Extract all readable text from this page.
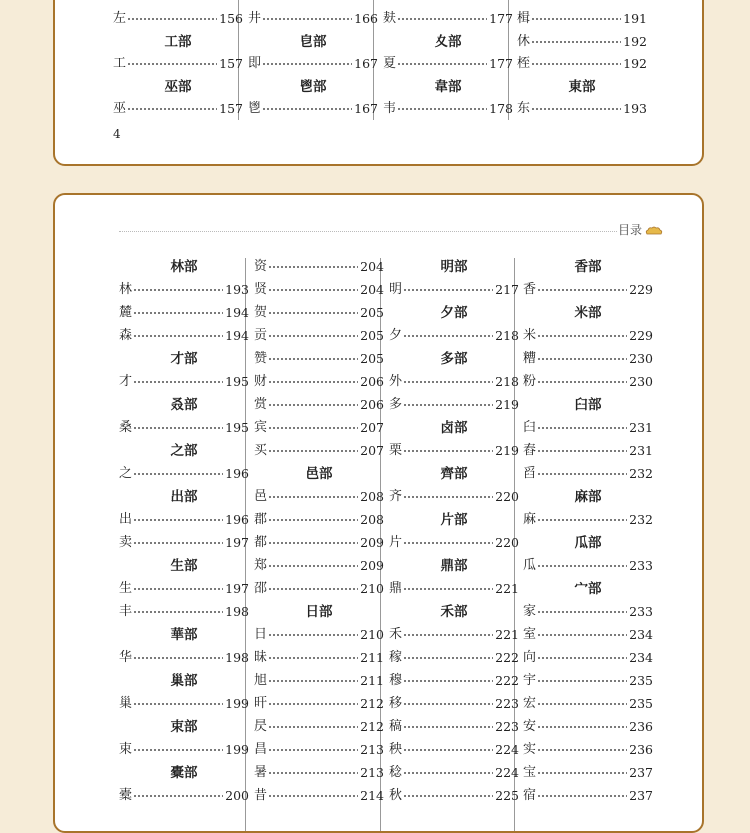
左	156
工部
工	157
巫部
巫	157
井	166
皀部
即	167
鬯部
鬯	167
麸	177
夊部
夏	177
韋部
韦	178
楫	191
休	192
桎	192
東部
东	193
4
目录
林部
林	193
麓	194
森	194
才部
才	195
叒部
桑	195
之部
之	196
出部
出	196
卖	197
生部
生	197
丰	198
華部
华	198
巢部
巢	199
束部
束	199
橐部
橐	200
资	204
贤	204
贺	205
贡	205
赞	205
财	206
赏	206
宾	207
买	207
邑部
邑	208
郡	208
都	209
郑	209
邵	210
日部
日	210
昧	211
旭	211
旰	212
昃	212
昌	213
暑	213
昔	214
明部
明	217
夕部
夕	218
多部
外	218
多	219
卤部
栗	219
齊部
齐	220
片部
片	220
鼎部
鼎	221
禾部
禾	221
稼	222
穆	222
移	223
稿	223
秧	224
稔	224
秋	225
香部
香	229
米部
米	229
糟	230
粉	230
臼部
臼	231
舂	231
舀	232
麻部
麻	232
瓜部
瓜	233
宀部
家	233
室	234
向	234
宇	235
宏	235
安	236
实	236
宝	237
宿	237
